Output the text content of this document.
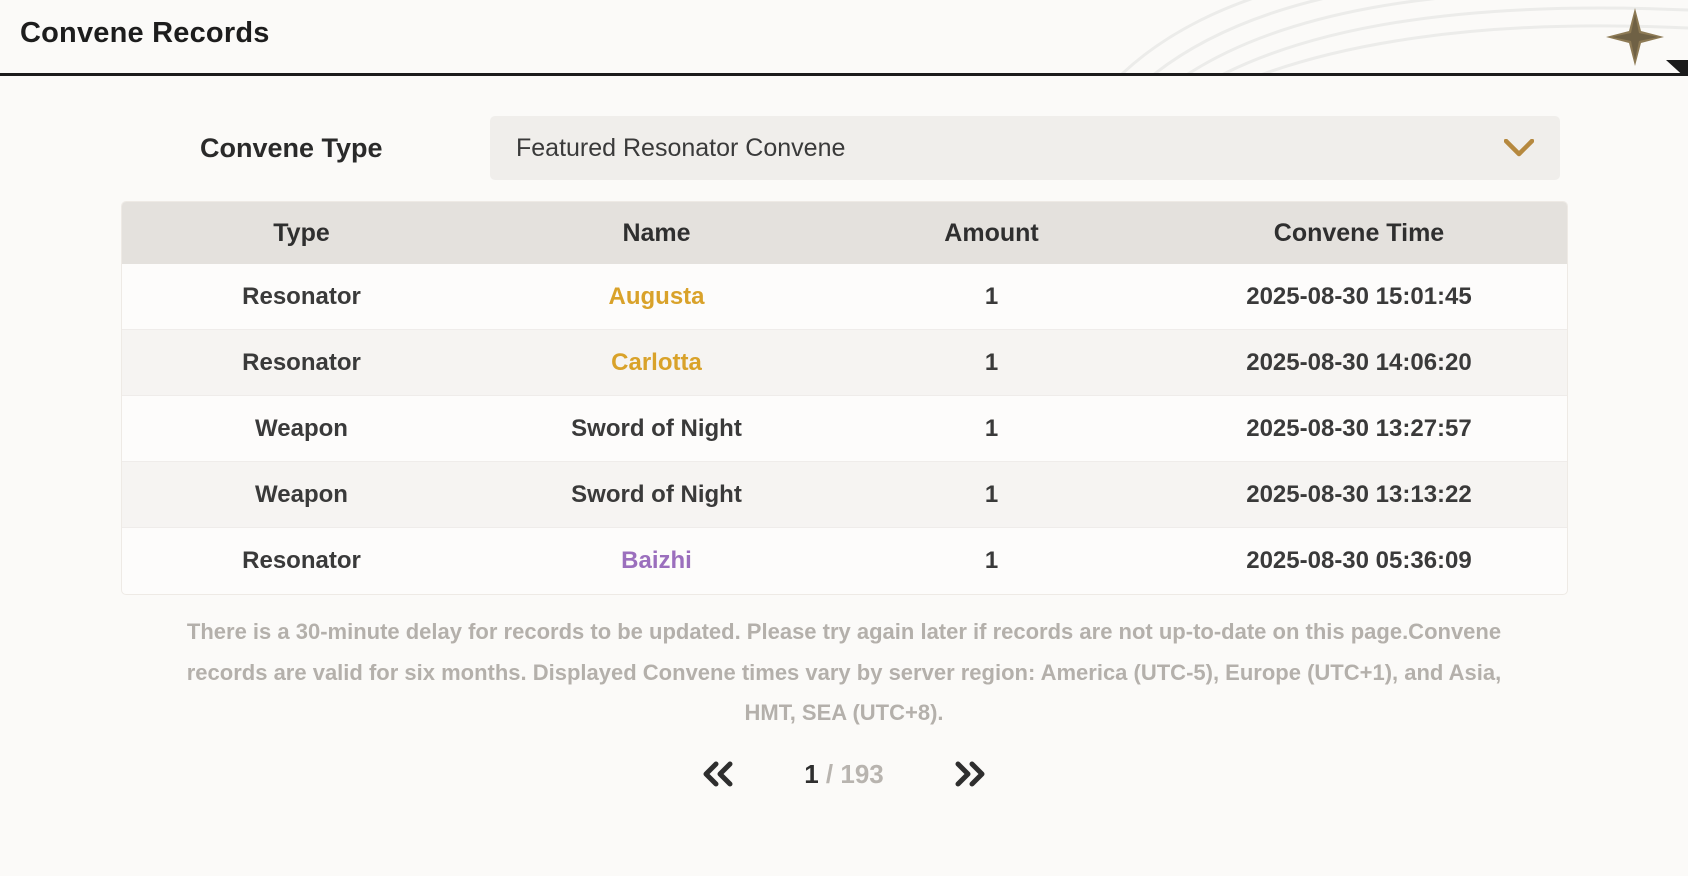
Convene Records
Convene Type	Featured Resonator Convene
Type	Name	Amount	Convene Time
Resonator	Augusta	1	2025-08-30 15:01:45
Resonator	Carlotta	1	2025-08-30 14:06:20
Weapon	Sword of Night	1	2025-08-30 13:27:57
Weapon	Sword of Night	1	2025-08-30 13:13:22
Resonator	Baizhi	1	2025-08-30 05:36:09
There is a 30-minute delay for records to be updated. Please try again later if records are not up-to-date on this page.Convene records are valid for six months. Displayed Convene times vary by server region: America (UTC-5), Europe (UTC+1), and Asia, HMT, SEA (UTC+8).
1 / 193
